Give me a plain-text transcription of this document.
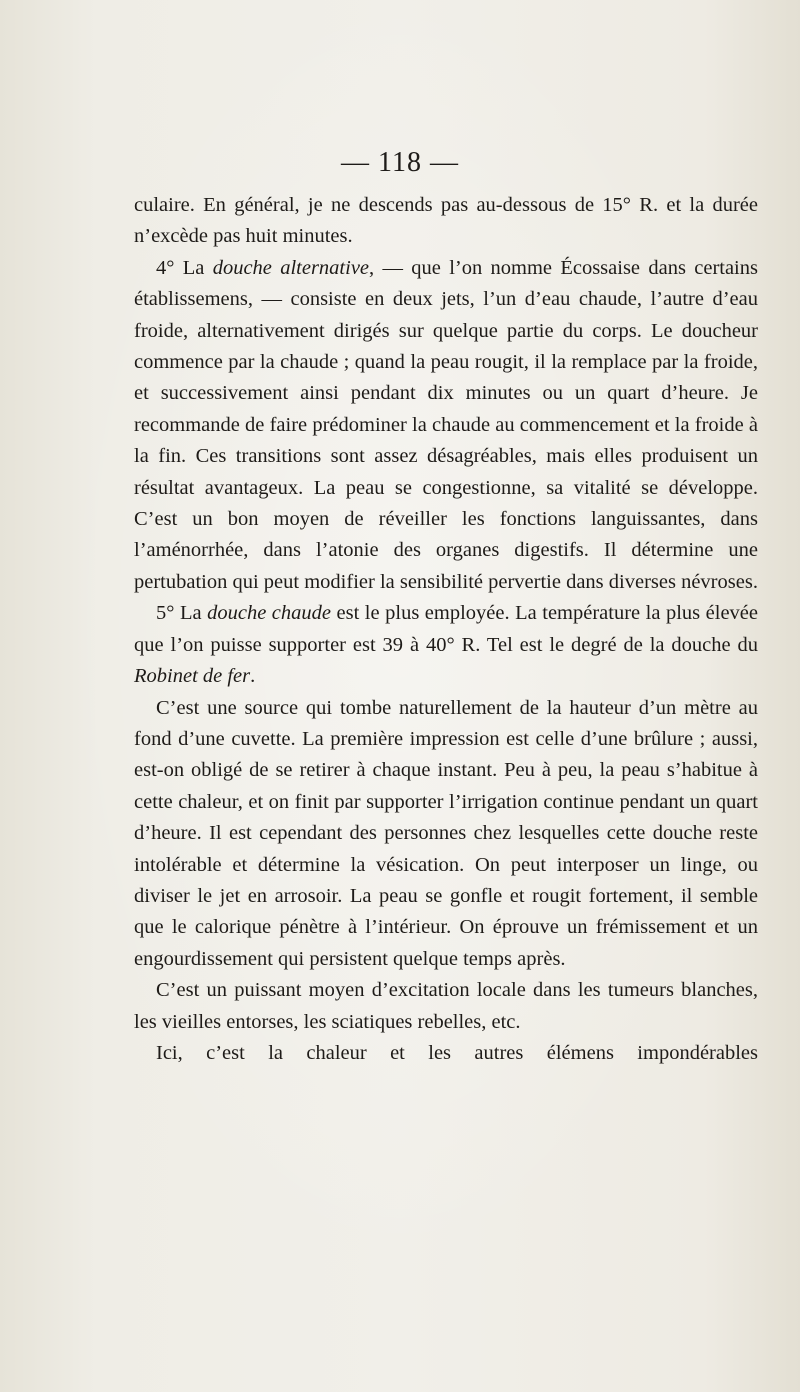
— 118 —

culaire. En général, je ne descends pas au-dessous de 15° R. et la durée n’excède pas huit minutes.

4° La douche alternative, — que l’on nomme Écossaise dans certains établissemens, — consiste en deux jets, l’un d’eau chaude, l’autre d’eau froide, alternativement dirigés sur quelque partie du corps. Le doucheur commence par la chaude ; quand la peau rougit, il la remplace par la froide, et successivement ainsi pendant dix minutes ou un quart d’heure. Je recommande de faire prédominer la chaude au commencement et la froide à la fin. Ces transitions sont assez désagréables, mais elles produisent un résultat avantageux. La peau se congestionne, sa vitalité se développe. C’est un bon moyen de réveiller les fonctions languissantes, dans l’aménorrhée, dans l’atonie des organes digestifs. Il détermine une pertubation qui peut modifier la sensibilité pervertie dans diverses névroses.

5° La douche chaude est le plus employée. La température la plus élevée que l’on puisse supporter est 39 à 40° R. Tel est le degré de la douche du Robinet de fer.

C’est une source qui tombe naturellement de la hauteur d’un mètre au fond d’une cuvette. La première impression est celle d’une brûlure ; aussi, est-on obligé de se retirer à chaque instant. Peu à peu, la peau s’habitue à cette chaleur, et on finit par supporter l’irrigation continue pendant un quart d’heure. Il est cependant des personnes chez lesquelles cette douche reste intolérable et détermine la vésication. On peut interposer un linge, ou diviser le jet en arrosoir. La peau se gonfle et rougit fortement, il semble que le calorique pénètre à l’intérieur. On éprouve un frémissement et un engourdissement qui persistent quelque temps après.

C’est un puissant moyen d’excitation locale dans les tumeurs blanches, les vieilles entorses, les sciatiques rebelles, etc.

Ici, c’est la chaleur et les autres élémens impondérables
